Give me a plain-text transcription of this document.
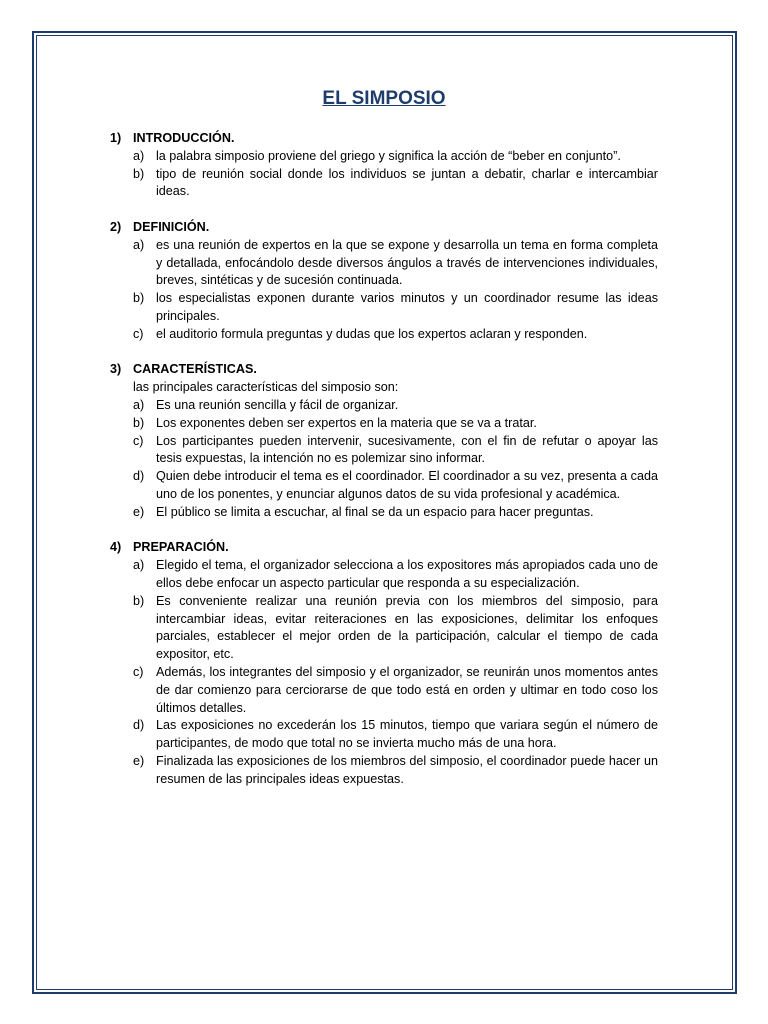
EL SIMPOSIO
1) INTRODUCCIÓN.
a) la palabra simposio proviene del griego y significa la acción de “beber en conjunto”.
b) tipo de reunión social donde los individuos se juntan a debatir, charlar e intercambiar ideas.
2) DEFINICIÓN.
a) es una reunión de expertos en la que se expone y desarrolla un tema en forma completa y detallada, enfocándolo desde diversos ángulos a través de intervenciones individuales, breves, sintéticas y de sucesión continuada.
b) los especialistas exponen durante varios minutos y un coordinador resume las ideas principales.
c) el auditorio formula preguntas y dudas que los expertos aclaran y responden.
3) CARACTERÍSTICAS.
las principales características del simposio son:
a) Es una reunión sencilla y fácil de organizar.
b) Los exponentes deben ser expertos en la materia que se va a tratar.
c) Los participantes pueden intervenir, sucesivamente, con el fin de refutar o apoyar las tesis expuestas, la intención no es polemizar sino informar.
d) Quien debe introducir el tema es el coordinador. El coordinador a su vez, presenta a cada uno de los ponentes, y enunciar algunos datos de su vida profesional y académica.
e) El público se limita a escuchar, al final se da un espacio para hacer preguntas.
4) PREPARACIÓN.
a) Elegido el tema, el organizador selecciona a los expositores más apropiados cada uno de ellos debe enfocar un aspecto particular que responda a su especialización.
b) Es conveniente realizar una reunión previa con los miembros del simposio, para intercambiar ideas, evitar reiteraciones en las exposiciones, delimitar los enfoques parciales, establecer el mejor orden de la participación, calcular el tiempo de cada expositor, etc.
c) Además, los integrantes del simposio y el organizador, se reunirán unos momentos antes de dar comienzo para cerciorarse de que todo está en orden y ultimar en todo coso los últimos detalles.
d) Las exposiciones no excederán los 15 minutos, tiempo que variara según el número de participantes, de modo que total no se invierta mucho más de una hora.
e) Finalizada las exposiciones de los miembros del simposio, el coordinador puede hacer un resumen de las principales ideas expuestas.
